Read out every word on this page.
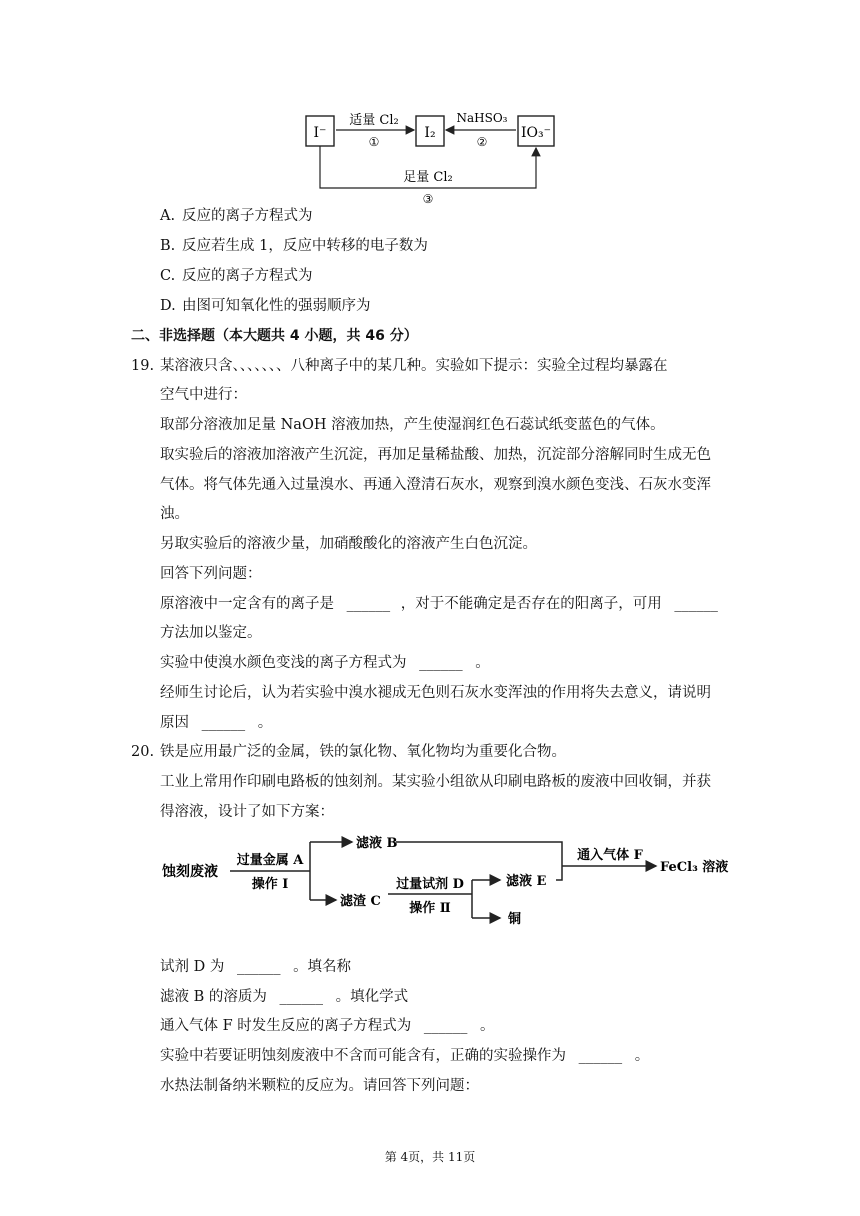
I⁻	I₂	IO₃⁻
适量 Cl₂
①
NaHSO₃
②
足量 Cl₂
③
A. 反应的离子方程式为
B. 反应若生成 1，反应中转移的电子数为
C. 反应的离子方程式为
D. 由图可知氧化性的强弱顺序为
二、非选择题（本大题共 4 小题，共 46 分）
19. 某溶液只含、、、、、、、八种离子中的某几种。实验如下提示：实验全过程均暴露在
空气中进行：
取部分溶液加足量 NaOH 溶液加热，产生使湿润红色石蕊试纸变蓝色的气体。
取实验后的溶液加溶液产生沉淀，再加足量稀盐酸、加热，沉淀部分溶解同时生成无色
气体。将气体先通入过量溴水、再通入澄清石灰水，观察到溴水颜色变浅、石灰水变浑
浊。
另取实验后的溶液少量，加硝酸酸化的溶液产生白色沉淀。
回答下列问题：
原溶液中一定含有的离子是 ______ ，对于不能确定是否存在的阳离子，可用 ______
方法加以鉴定。
实验中使溴水颜色变浅的离子方程式为 ______ 。
经师生讨论后，认为若实验中溴水褪成无色则石灰水变浑浊的作用将失去意义，请说明
原因 ______ 。
20. 铁是应用最广泛的金属，铁的氯化物、氧化物均为重要化合物。
工业上常用作印刷电路板的蚀刻剂。某实验小组欲从印刷电路板的废液中回收铜，并获
得溶液，设计了如下方案：
蚀刻废液
过量金属 A
操作 Ⅰ
滤液 B
滤渣 C
过量试剂 D
操作 Ⅱ
滤液 E
铜
通入气体 F
FeCl₃ 溶液
试剂 D 为 ______ 。填名称
滤液 B 的溶质为 ______ 。填化学式
通入气体 F 时发生反应的离子方程式为 ______ 。
实验中若要证明蚀刻废液中不含而可能含有，正确的实验操作为 ______ 。
水热法制备纳米颗粒的反应为。请回答下列问题：
第 4页，共 11页
